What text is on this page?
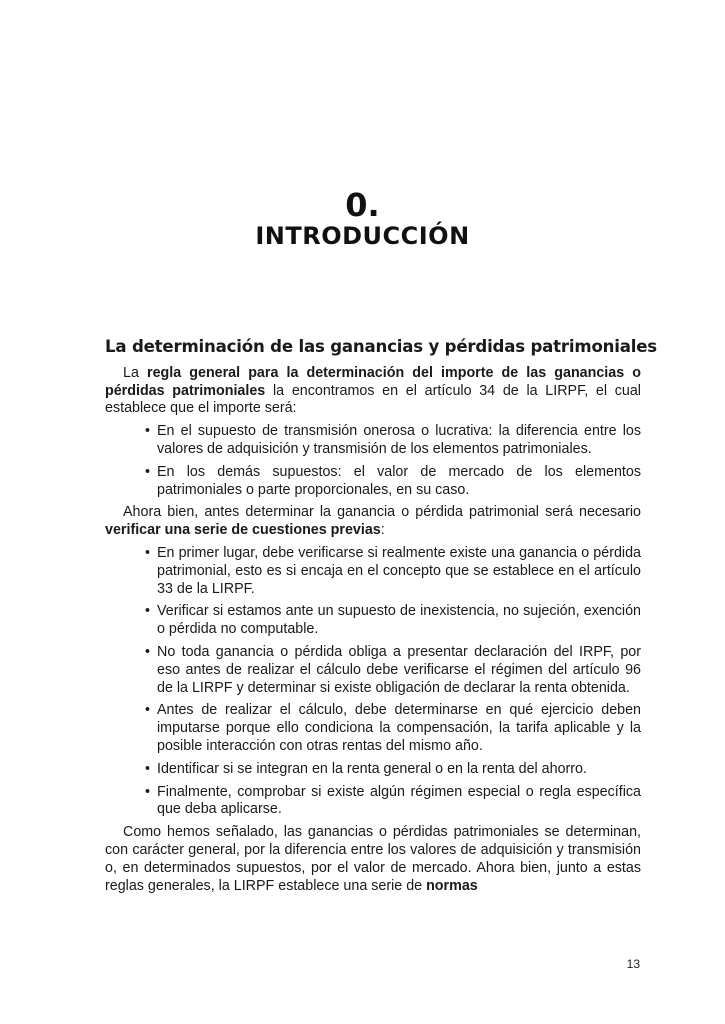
0.
INTRODUCCIÓN
La determinación de las ganancias y pérdidas patrimoniales

La regla general para la determinación del importe de las ganancias o pérdidas patrimoniales la encontramos en el artículo 34 de la LIRPF, el cual establece que el importe será:

• En el supuesto de transmisión onerosa o lucrativa: la diferencia entre los valores de adquisición y transmisión de los elementos patrimoniales.
• En los demás supuestos: el valor de mercado de los elementos patrimoniales o parte proporcionales, en su caso.

Ahora bien, antes determinar la ganancia o pérdida patrimonial será necesario verificar una serie de cuestiones previas:

• En primer lugar, debe verificarse si realmente existe una ganancia o pérdida patrimonial, esto es si encaja en el concepto que se establece en el artículo 33 de la LIRPF.
• Verificar si estamos ante un supuesto de inexistencia, no sujeción, exención o pérdida no computable.
• No toda ganancia o pérdida obliga a presentar declaración del IRPF, por eso antes de realizar el cálculo debe verificarse el régimen del artículo 96 de la LIRPF y determinar si existe obligación de declarar la renta obtenida.
• Antes de realizar el cálculo, debe determinarse en qué ejercicio deben imputarse porque ello condiciona la compensación, la tarifa aplicable y la posible interacción con otras rentas del mismo año.
• Identificar si se integran en la renta general o en la renta del ahorro.
• Finalmente, comprobar si existe algún régimen especial o regla específica que deba aplicarse.

Como hemos señalado, las ganancias o pérdidas patrimoniales se determinan, con carácter general, por la diferencia entre los valores de adquisición y transmisión o, en determinados supuestos, por el valor de mercado. Ahora bien, junto a estas reglas generales, la LIRPF establece una serie de normas

13
